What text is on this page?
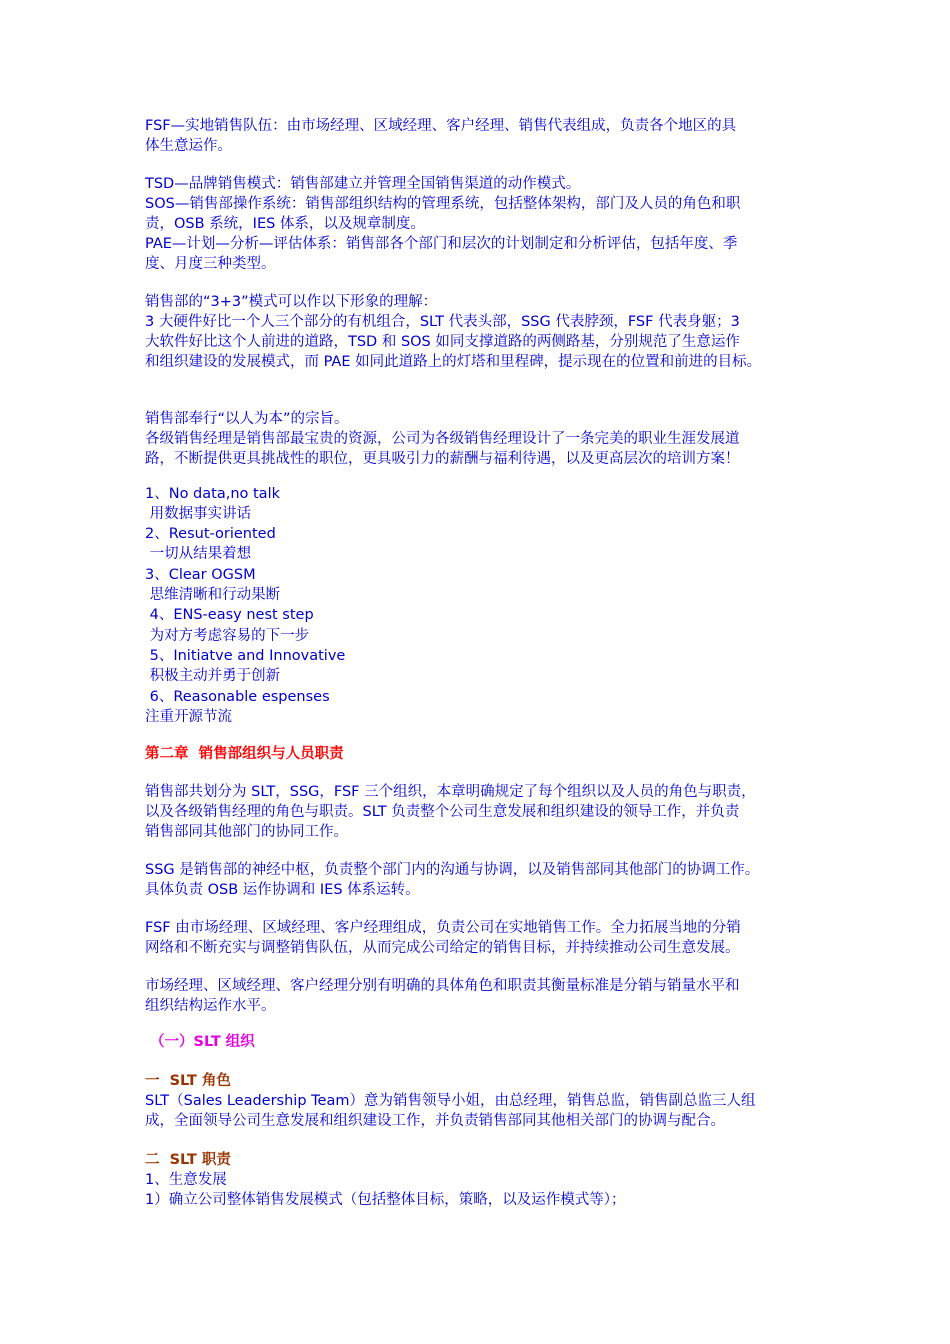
FSF—实地销售队伍：由市场经理、区域经理、客户经理、销售代表组成，负责各个地区的具

体生意运作。

TSD—品牌销售模式：销售部建立并管理全国销售渠道的动作模式。

SOS—销售部操作系统：销售部组织结构的管理系统，包括整体架构，部门及人员的角色和职

责，OSB 系统，IES 体系，以及规章制度。

PAE—计划—分析—评估体系：销售部各个部门和层次的计划制定和分析评估，包括年度、季

度、月度三种类型。

销售部的“3+3”模式可以作以下形象的理解：

3 大硬件好比一个人三个部分的有机组合，SLT 代表头部，SSG 代表脖颈，FSF 代表身躯；3

大软件好比这个人前进的道路，TSD 和 SOS 如同支撑道路的两侧路基，分别规范了生意运作

和组织建设的发展模式，而 PAE 如同此道路上的灯塔和里程碑，提示现在的位置和前进的目标。

销售部奉行“以人为本”的宗旨。

各级销售经理是销售部最宝贵的资源，公司为各级销售经理设计了一条完美的职业生涯发展道

路，不断提供更具挑战性的职位，更具吸引力的薪酬与福利待遇，以及更高层次的培训方案！

1、No data,no talk

用数据事实讲话

2、Resut-oriented

一切从结果着想

3、Clear OGSM

思维清晰和行动果断

4、ENS-easy nest step

为对方考虑容易的下一步

5、Initiatve and Innovative

积极主动并勇于创新

6、Reasonable espenses

注重开源节流

第二章  销售部组织与人员职责

销售部共划分为 SLT，SSG，FSF 三个组织，本章明确规定了每个组织以及人员的角色与职责，

以及各级销售经理的角色与职责。SLT 负责整个公司生意发展和组织建设的领导工作，并负责

销售部同其他部门的协同工作。

SSG 是销售部的神经中枢，负责整个部门内的沟通与协调，以及销售部同其他部门的协调工作。

具体负责 OSB 运作协调和 IES 体系运转。

FSF 由市场经理、区域经理、客户经理组成，负责公司在实地销售工作。全力拓展当地的分销

网络和不断充实与调整销售队伍，从而完成公司给定的销售目标，并持续推动公司生意发展。

市场经理、区域经理、客户经理分别有明确的具体角色和职责其衡量标准是分销与销量水平和

组织结构运作水平。

（一）SLT 组织

一  SLT 角色

SLT（Sales Leadership Team）意为销售领导小姐，由总经理，销售总监，销售副总监三人组

成，全面领导公司生意发展和组织建设工作，并负责销售部同其他相关部门的协调与配合。

二  SLT 职责

1、生意发展

1）确立公司整体销售发展模式（包括整体目标，策略，以及运作模式等）；
